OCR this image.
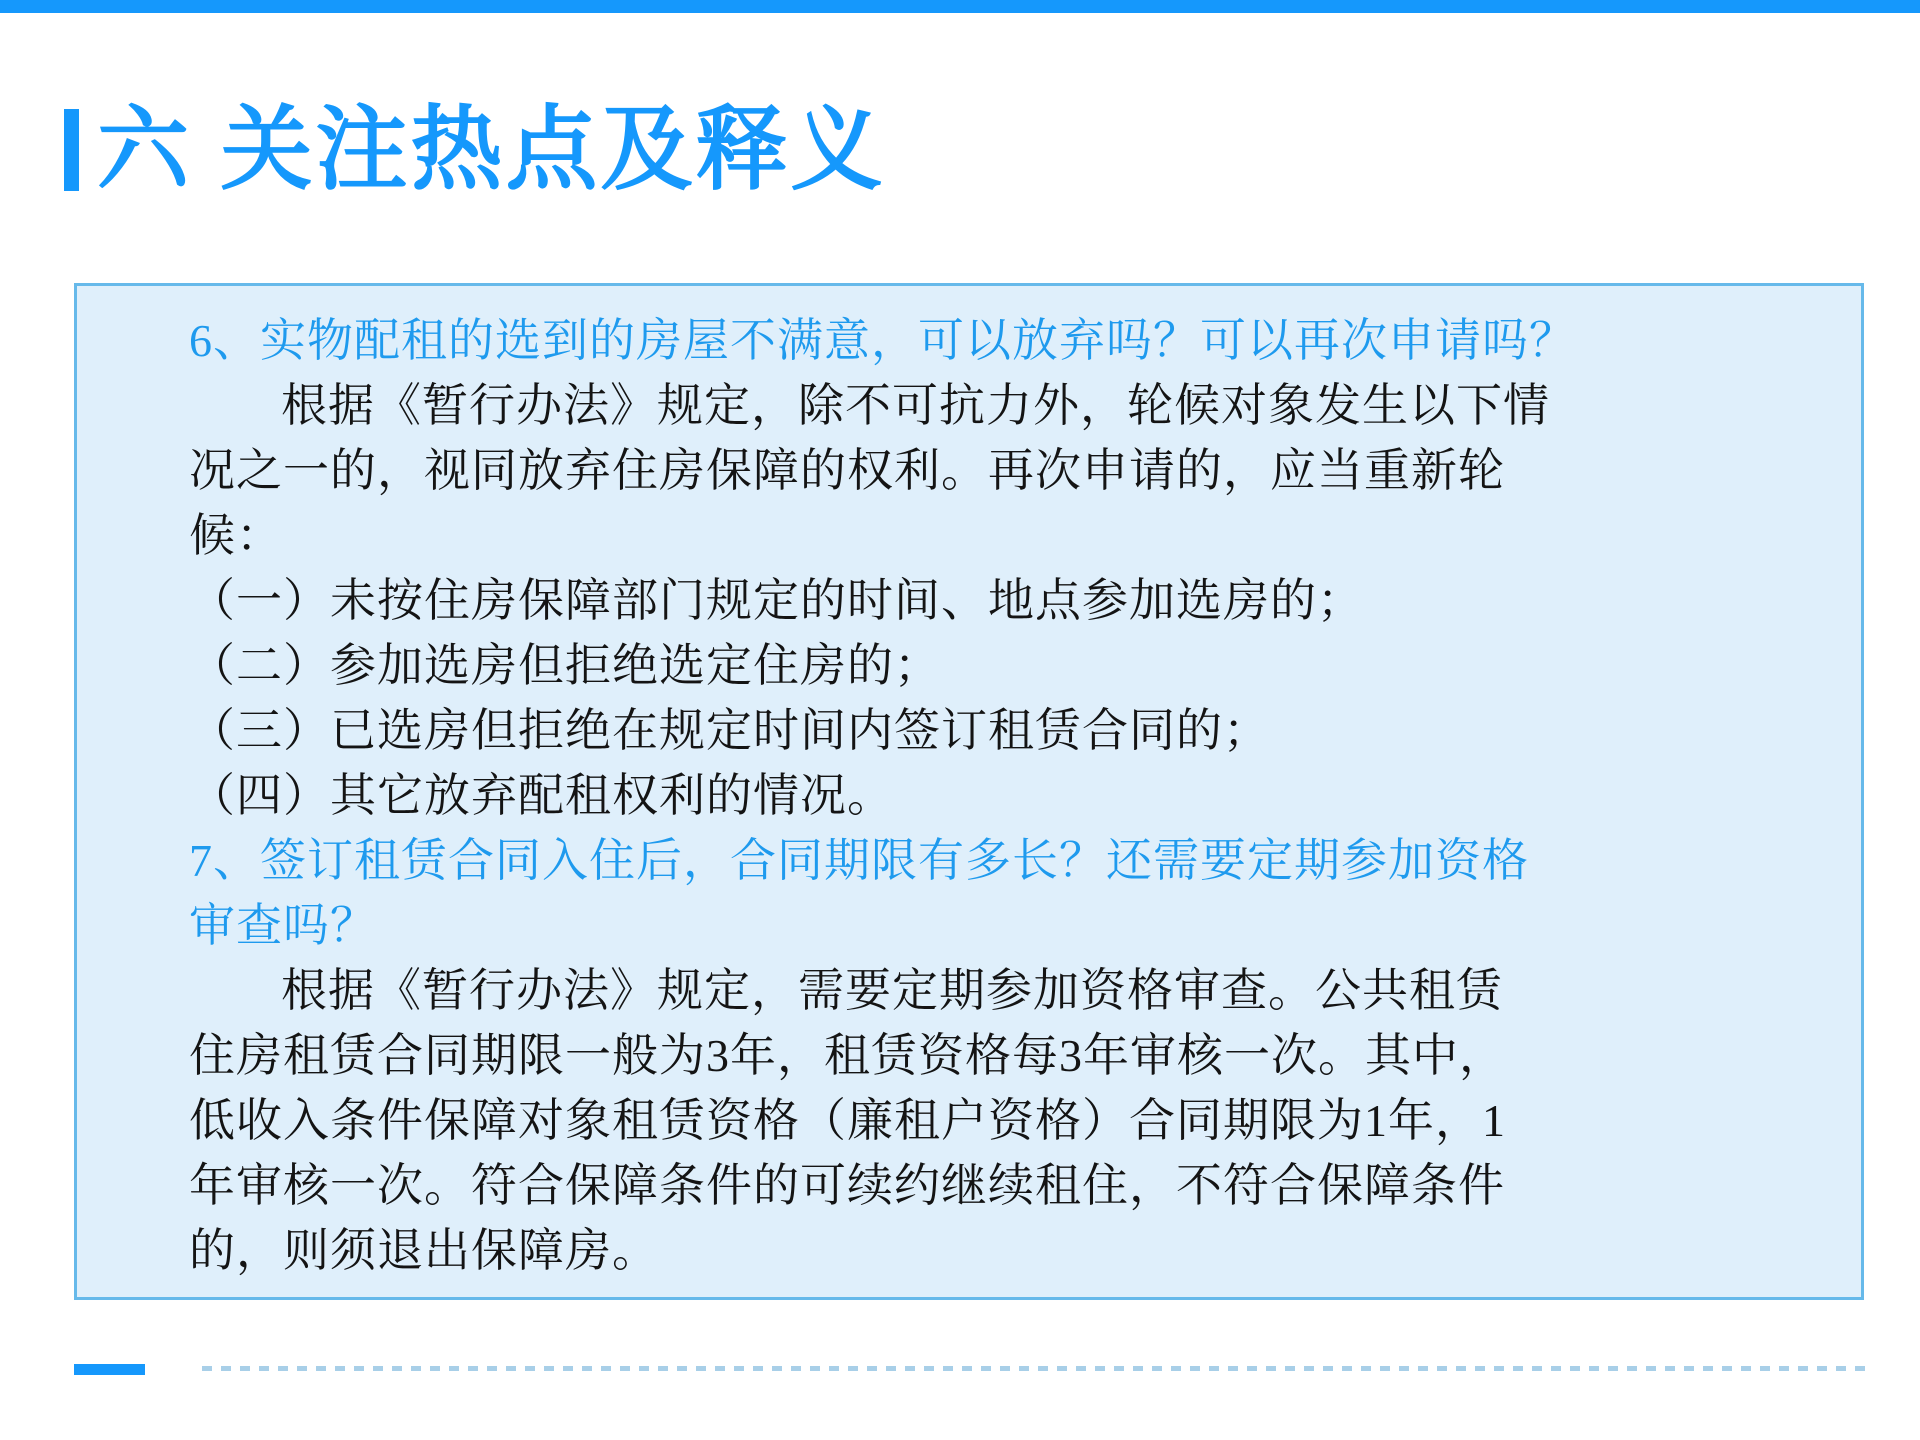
六 关注热点及释义
6、实物配租的选到的房屋不满意，可以放弃吗？可以再次申请吗？
根据《暂行办法》规定，除不可抗力外，轮候对象发生以下情
况之一的，视同放弃住房保障的权利。再次申请的，应当重新轮
候：
（一）未按住房保障部门规定的时间、地点参加选房的；
（二）参加选房但拒绝选定住房的；
（三）已选房但拒绝在规定时间内签订租赁合同的；
（四）其它放弃配租权利的情况。
7、签订租赁合同入住后，合同期限有多长？还需要定期参加资格
审查吗？
根据《暂行办法》规定，需要定期参加资格审查。公共租赁
住房租赁合同期限一般为3年，租赁资格每3年审核一次。其中，
低收入条件保障对象租赁资格（廉租户资格）合同期限为1年，1
年审核一次。符合保障条件的可续约继续租住，不符合保障条件
的，则须退出保障房。
